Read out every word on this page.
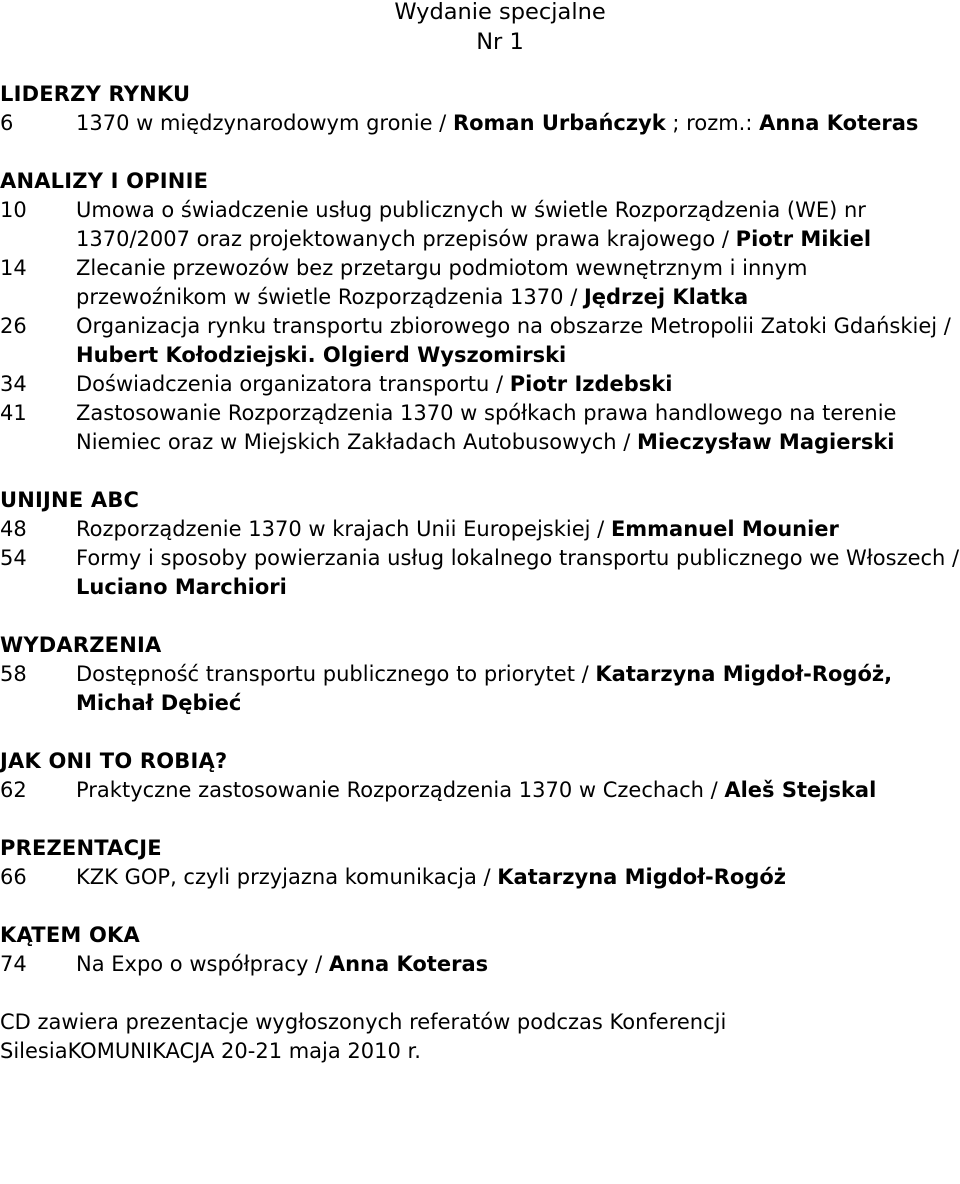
Wydanie specjalne
Nr 1
LIDERZY RYNKU
6	1370 w międzynarodowym gronie / Roman Urbańczyk ; rozm.: Anna Koteras
ANALIZY I OPINIE
10	Umowa o świadczenie usług publicznych w świetle Rozporządzenia (WE) nr 1370/2007 oraz projektowanych przepisów prawa krajowego / Piotr Mikiel
14	Zlecanie przewozów bez przetargu podmiotom wewnętrznym i innym przewoźnikom w świetle Rozporządzenia 1370 / Jędrzej Klatka
26	Organizacja rynku transportu zbiorowego na obszarze Metropolii Zatoki Gdańskiej / Hubert Kołodziejski. Olgierd Wyszomirski
34	Doświadczenia organizatora transportu / Piotr Izdebski
41	Zastosowanie Rozporządzenia 1370 w spółkach prawa handlowego na terenie Niemiec oraz w Miejskich Zakładach Autobusowych / Mieczysław Magierski
UNIJNE ABC
48	Rozporządzenie 1370 w krajach Unii Europejskiej / Emmanuel Mounier
54	Formy i sposoby powierzania usług lokalnego transportu publicznego we Włoszech / Luciano Marchiori
WYDARZENIA
58	Dostępność transportu publicznego to priorytet / Katarzyna Migdoł-Rogóż, Michał Dębieć
JAK ONI TO ROBIĄ?
62	Praktyczne zastosowanie Rozporządzenia 1370 w Czechach / Aleš Stejskal
PREZENTACJE
66	KZK GOP, czyli przyjazna komunikacja / Katarzyna Migdoł-Rogóż
KĄTEM OKA
74	Na Expo o współpracy / Anna Koteras
CD zawiera prezentacje wygłoszonych referatów podczas Konferencji
SilesiaKOMUNIKACJA 20-21 maja 2010 r.
